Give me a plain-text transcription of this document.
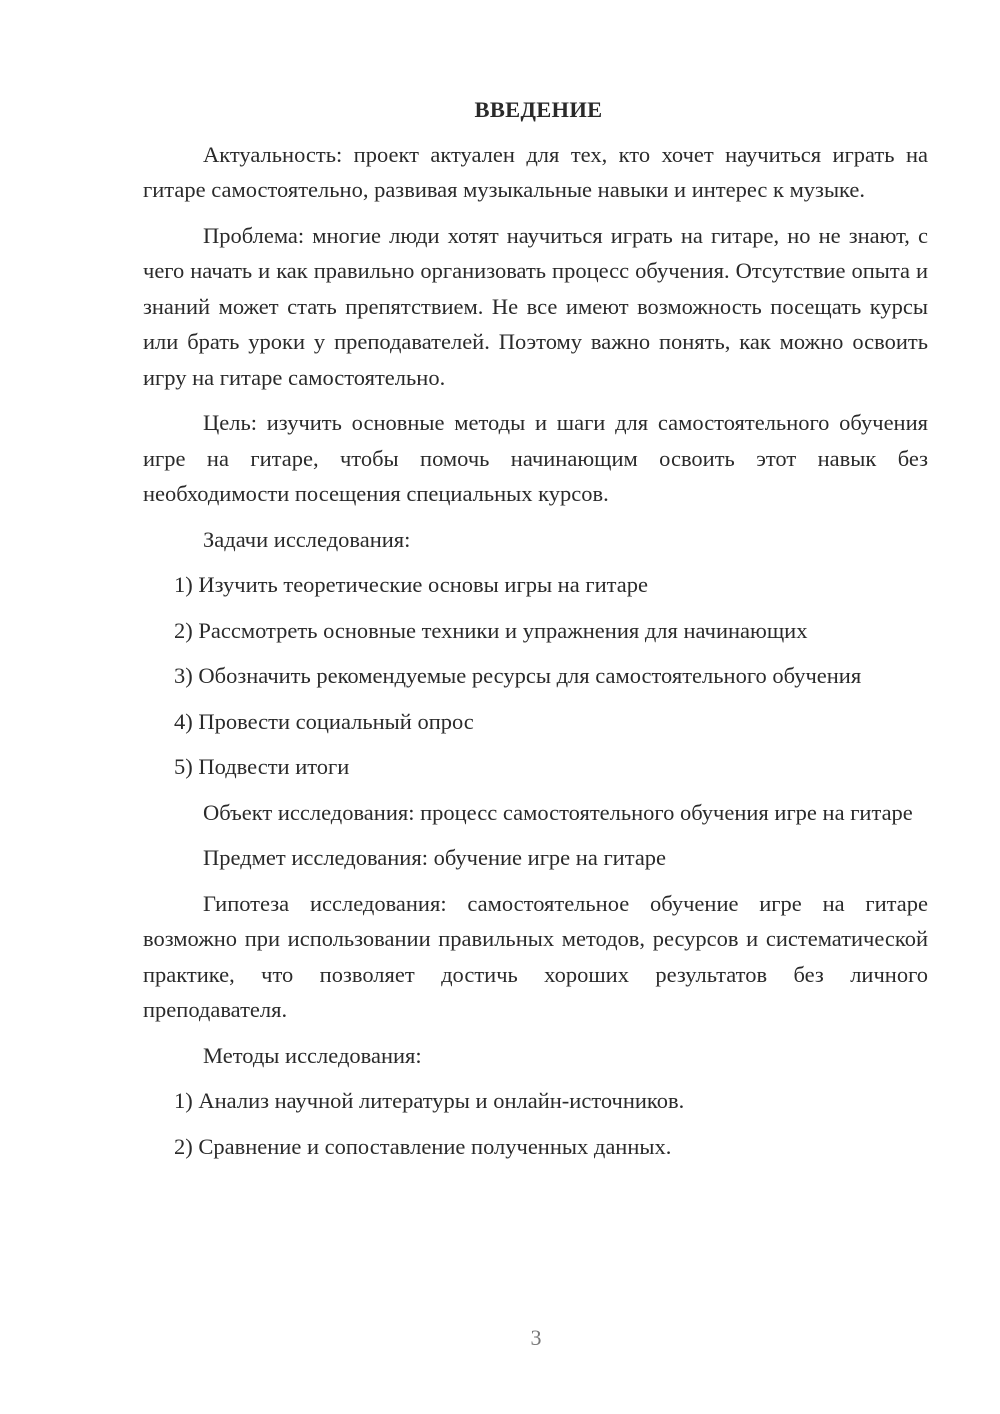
ВВЕДЕНИЕ

Актуальность: проект актуален для тех, кто хочет научиться играть на гитаре самостоятельно, развивая музыкальные навыки и интерес к музыке.

Проблема: многие люди хотят научиться играть на гитаре, но не знают, с чего начать и как правильно организовать процесс обучения. Отсутствие опыта и знаний может стать препятствием. Не все имеют возможность посещать курсы или брать уроки у преподавателей. Поэтому важно понять, как можно освоить игру на гитаре самостоятельно.

Цель: изучить основные методы и шаги для самостоятельного обучения игре на гитаре, чтобы помочь начинающим освоить этот навык без необходимости посещения специальных курсов.

Задачи исследования:

1) Изучить теоретические основы игры на гитаре

2) Рассмотреть основные техники и упражнения для начинающих

3) Обозначить рекомендуемые ресурсы для самостоятельного обучения

4) Провести социальный опрос

5) Подвести итоги

Объект исследования: процесс самостоятельного обучения игре на гитаре

Предмет исследования: обучение игре на гитаре

Гипотеза исследования: самостоятельное обучение игре на гитаре возможно при использовании правильных методов, ресурсов и систематической практике, что позволяет достичь хороших результатов без личного преподавателя.

Методы исследования:

1) Анализ научной литературы и онлайн-источников.

2) Сравнение и сопоставление полученных данных.

3
